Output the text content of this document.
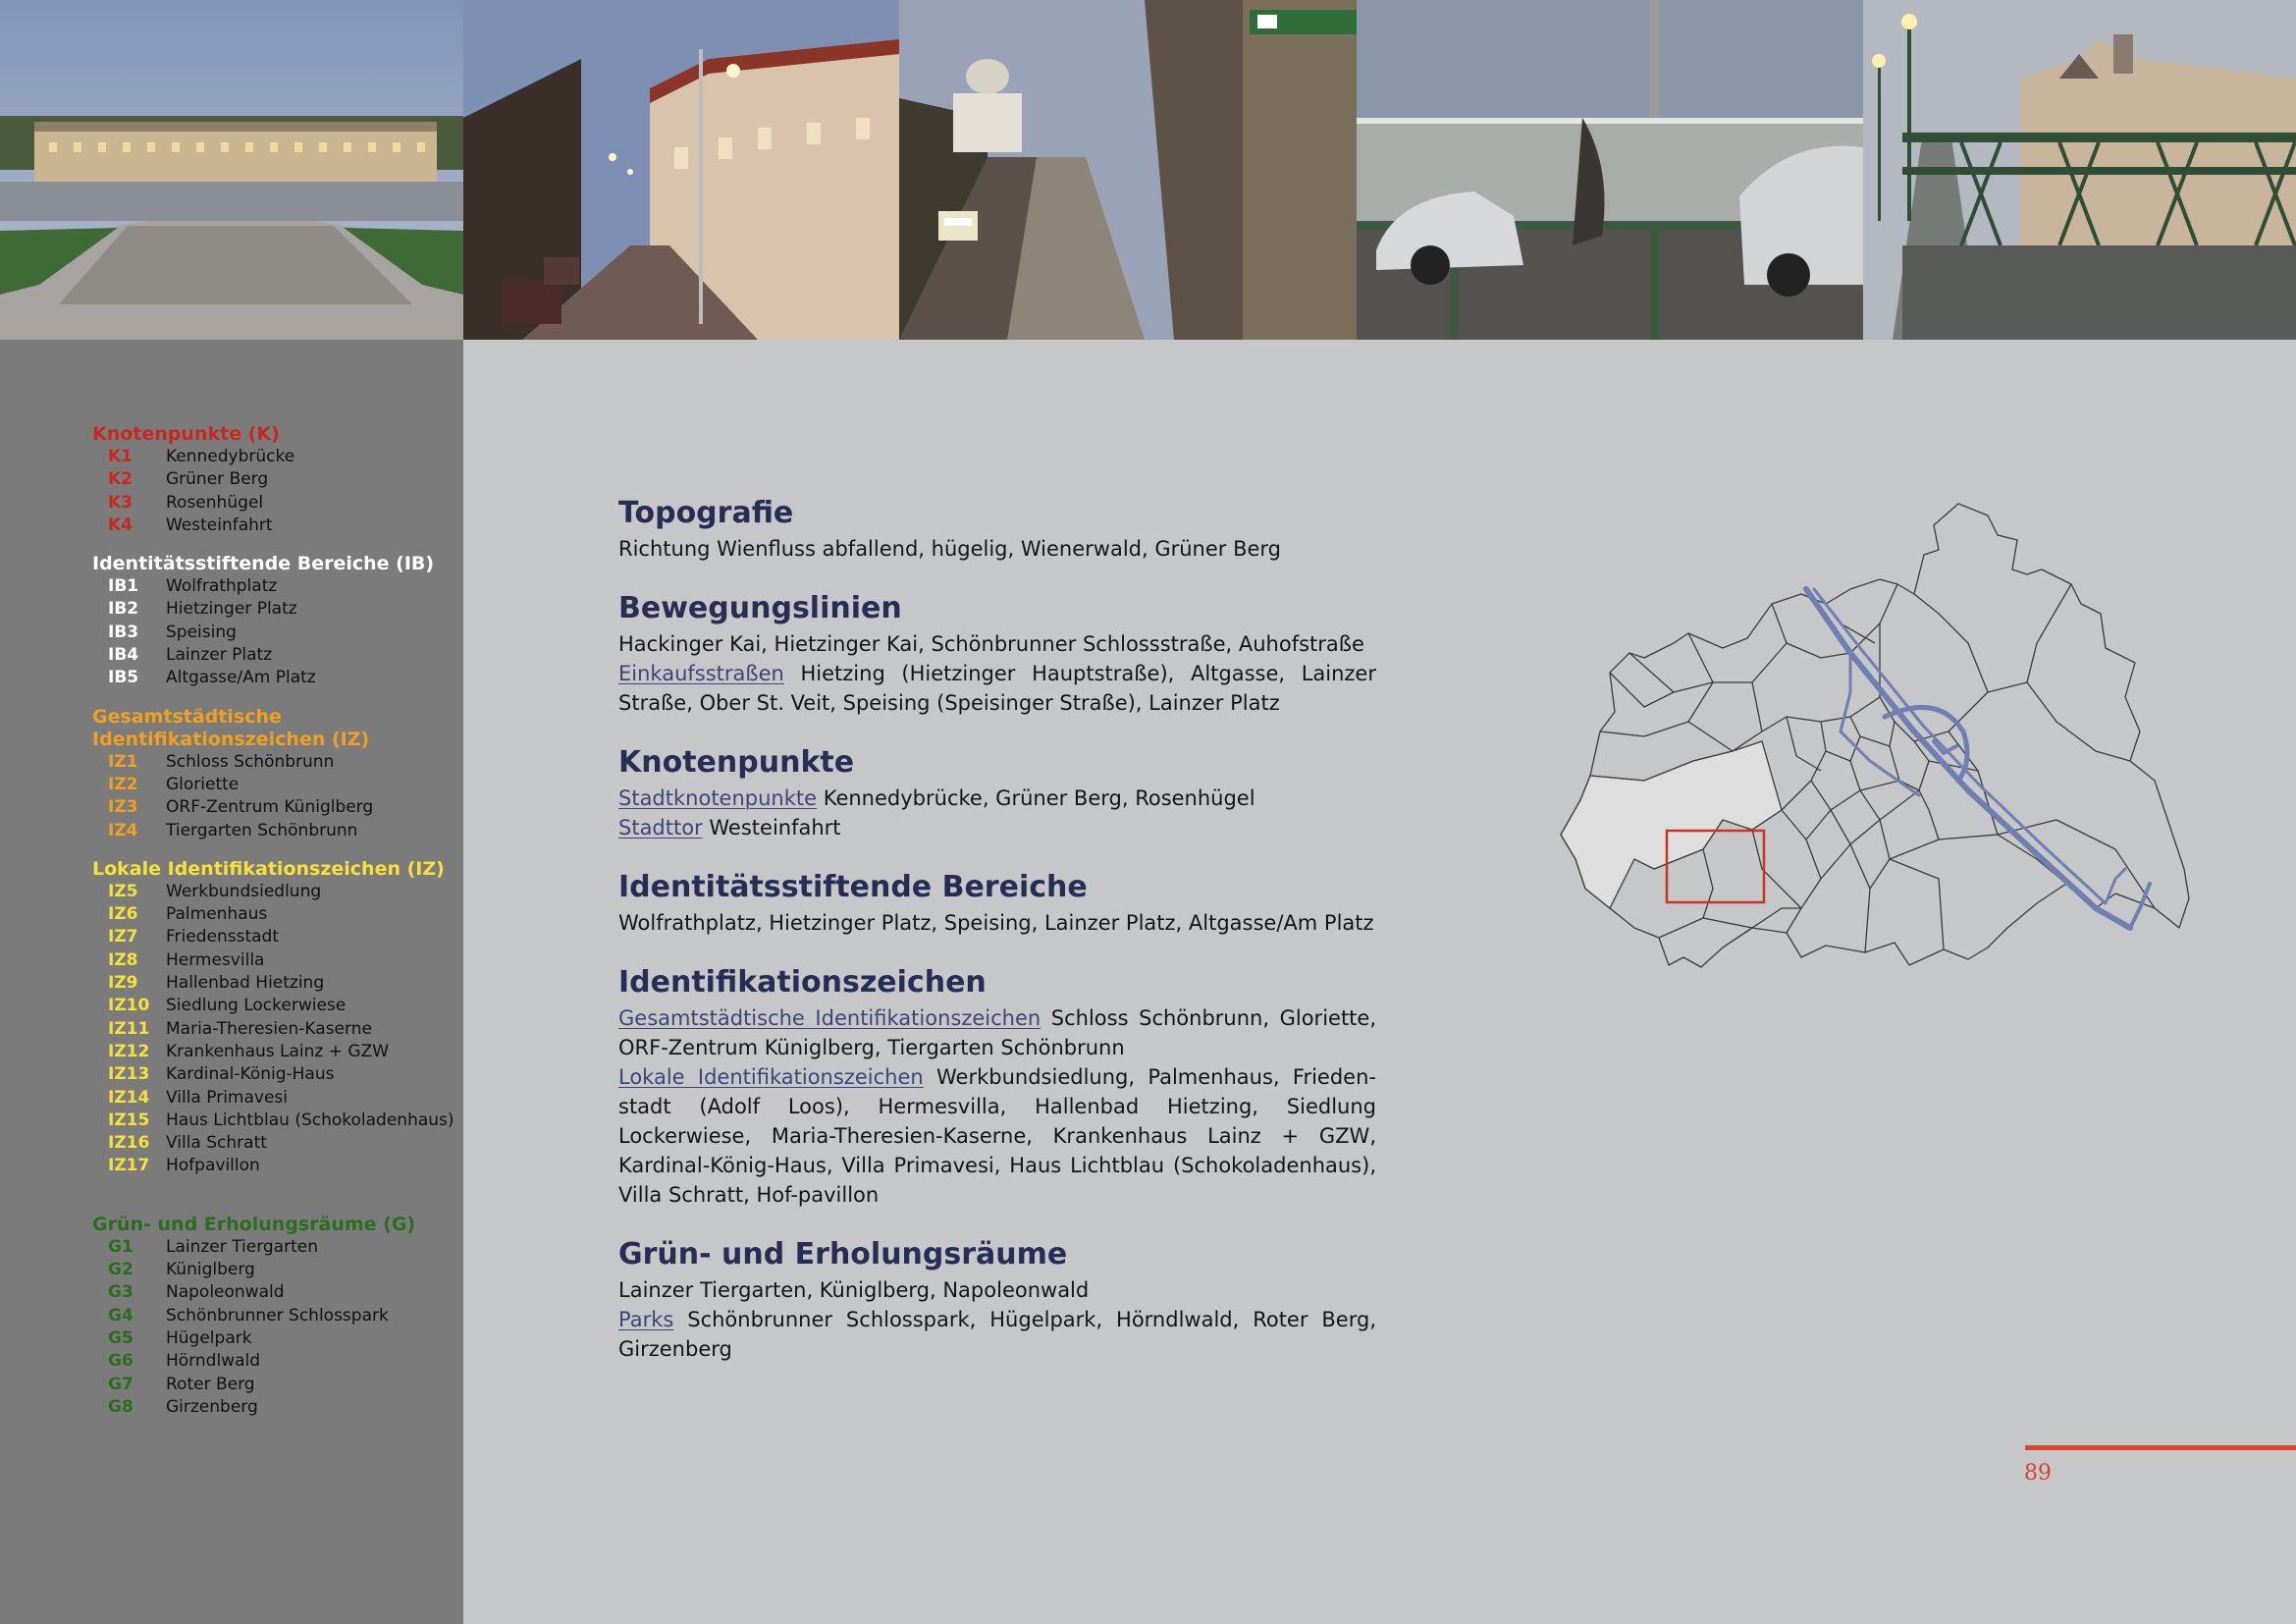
Knotenpunkte (K)
K1 Kennedybrücke
K2 Grüner Berg
K3 Rosenhügel
K4 Westeinfahrt
Identitätsstiftende Bereiche (IB)
IB1 Wolfrathplatz
IB2 Hietzinger Platz
IB3 Speising
IB4 Lainzer Platz
IB5 Altgasse/Am Platz
Gesamtstädtische Identifikationszeichen (IZ)
IZ1 Schloss Schönbrunn
IZ2 Gloriette
IZ3 ORF-Zentrum Küniglberg
IZ4 Tiergarten Schönbrunn
Lokale Identifikationszeichen (IZ)
IZ5 Werkbundsiedlung
IZ6 Palmenhaus
IZ7 Friedensstadt
IZ8 Hermesvilla
IZ9 Hallenbad Hietzing
IZ10 Siedlung Lockerwiese
IZ11 Maria-Theresien-Kaserne
IZ12 Krankenhaus Lainz + GZW
IZ13 Kardinal-König-Haus
IZ14 Villa Primavesi
IZ15 Haus Lichtblau (Schokoladenhaus)
IZ16 Villa Schratt
IZ17 Hofpavillon
Grün- und Erholungsräume (G)
G1 Lainzer Tiergarten
G2 Küniglberg
G3 Napoleonwald
G4 Schönbrunner Schlosspark
G5 Hügelpark
G6 Hörndlwald
G7 Roter Berg
G8 Girzenberg
Topografie

Richtung Wienfluss abfallend, hügelig, Wienerwald, Grüner Berg

Bewegungslinien

Hackinger Kai, Hietzinger Kai, Schönbrunner Schlossstraße, Auhofstraße

Einkaufsstraßen Hietzing (Hietzinger Hauptstraße), Altgasse, Lainzer Straße, Ober St. Veit, Speising (Speisinger Straße), Lainzer Platz

Knotenpunkte

Stadtknotenpunkte Kennedybrücke, Grüner Berg, Rosenhügel

Stadttor Westeinfahrt

Identitätsstiftende Bereiche

Wolfrathplatz, Hietzinger Platz, Speising, Lainzer Platz, Altgasse/Am Platz

Identifikationszeichen

Gesamtstädtische Identifikationszeichen Schloss Schönbrunn, Gloriette, ORF-Zentrum Küniglberg, Tiergarten Schönbrunn

Lokale Identifikationszeichen Werkbundsiedlung, Palmenhaus, Frieden-stadt (Adolf Loos), Hermesvilla, Hallenbad Hietzing, Siedlung Lockerwiese, Maria-Theresien-Kaserne, Krankenhaus Lainz + GZW, Kardinal-König-Haus, Villa Primavesi, Haus Lichtblau (Schokoladenhaus), Villa Schratt, Hof-pavillon

Grün- und Erholungsräume

Lainzer Tiergarten, Küniglberg, Napoleonwald

Parks Schönbrunner Schlosspark, Hügelpark, Hörndlwald, Roter Berg, Girzenberg

89
